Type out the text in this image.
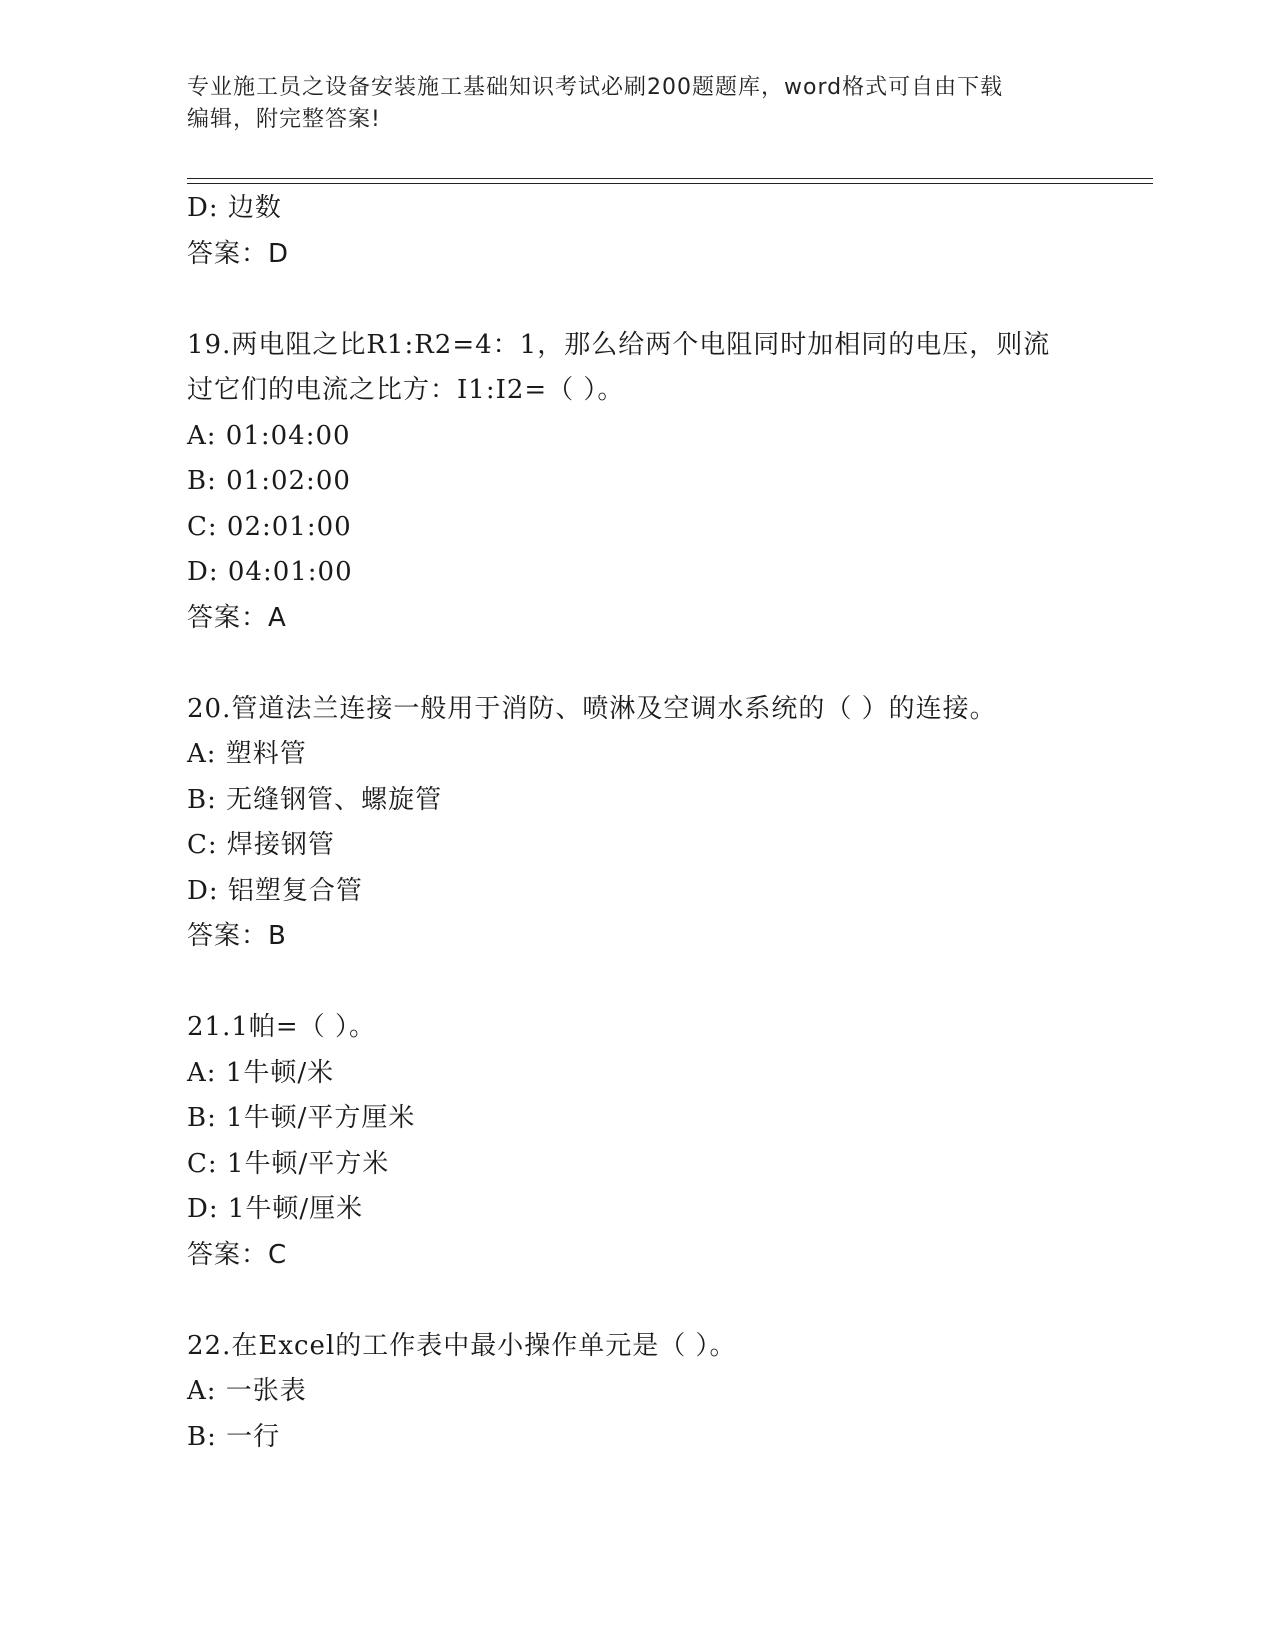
专业施工员之设备安装施工基础知识考试必刷200题题库，word格式可自由下载
编辑，附完整答案!
D: 边数
答案：D
19.两电阻之比R1:R2=4：1，那么给两个电阻同时加相同的电压，则流
过它们的电流之比方：I1:I2=（ ）。
A: 01:04:00
B: 01:02:00
C: 02:01:00
D: 04:01:00
答案：A
20.管道法兰连接一般用于消防、喷淋及空调水系统的（ ）的连接。
A: 塑料管
B: 无缝钢管、螺旋管
C: 焊接钢管
D: 铝塑复合管
答案：B
21.1帕=（ ）。
A: 1牛顿/米
B: 1牛顿/平方厘米
C: 1牛顿/平方米
D: 1牛顿/厘米
答案：C
22.在Excel的工作表中最小操作单元是（ ）。
A: 一张表
B: 一行
